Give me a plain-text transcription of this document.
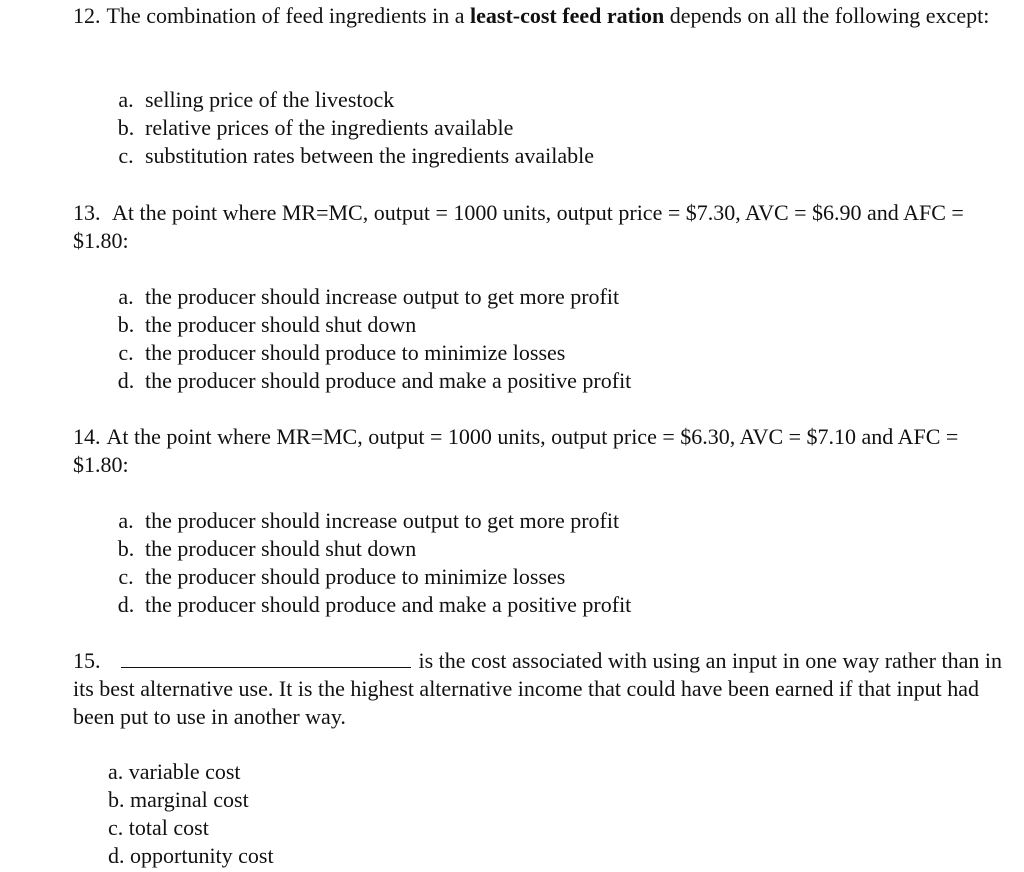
12. The combination of feed ingredients in a least-cost feed ration depends on all the following except:

a. selling price of the livestock
b. relative prices of the ingredients available
c. substitution rates between the ingredients available

13. At the point where MR=MC, output = 1000 units, output price = $7.30, AVC = $6.90 and AFC = $1.80:

a. the producer should increase output to get more profit
b. the producer should shut down
c. the producer should produce to minimize losses
d. the producer should produce and make a positive profit

14. At the point where MR=MC, output = 1000 units, output price = $6.30, AVC = $7.10 and AFC = $1.80:

a. the producer should increase output to get more profit
b. the producer should shut down
c. the producer should produce to minimize losses
d. the producer should produce and make a positive profit

15.	is the cost associated with using an input in one way rather than in its best alternative use. It is the highest alternative income that could have been earned if that input had been put to use in another way.

a. variable cost
b. marginal cost
c. total cost
d. opportunity cost
